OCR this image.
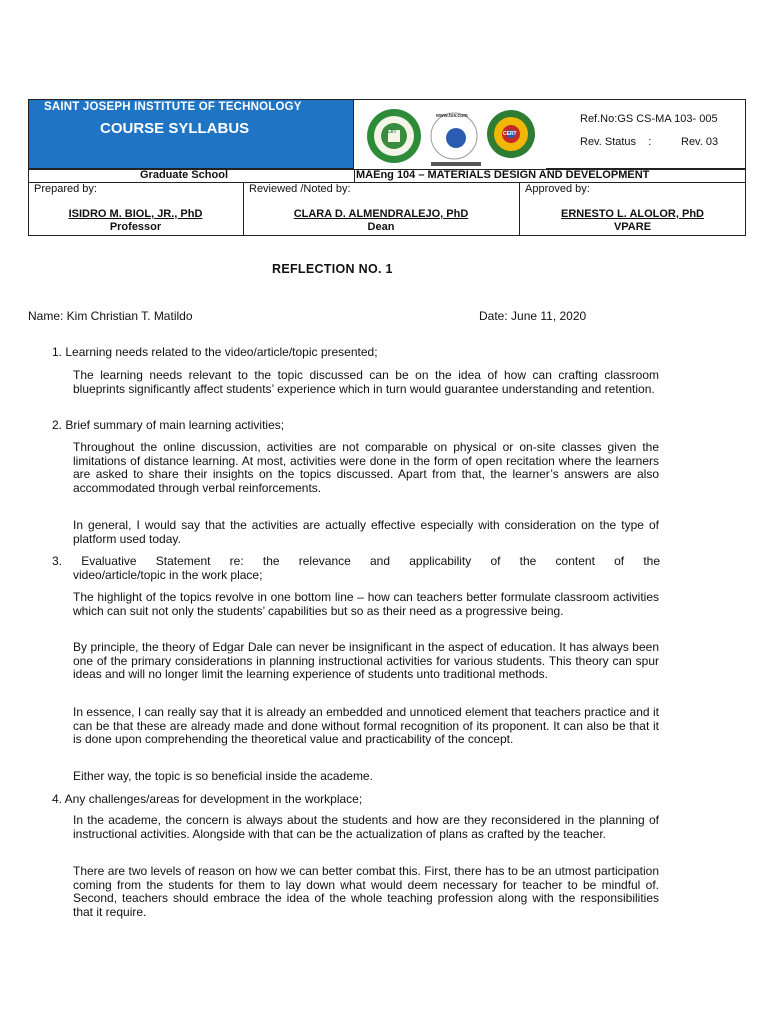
SAINT JOSEPH INSTITUTE OF TECHNOLOGY
COURSE SYLLABUS	SJIT
www.tuv.com
CERT
Ref.No:GS CS-MA 103- 005
Rev. Status    :	Rev. 03
Graduate School	MAEng 104 – MATERIALS DESIGN AND DEVELOPMENT
Prepared by:
ISIDRO M. BIOL, JR., PhD
Professor
Reviewed /Noted by:
CLARA D. ALMENDRALEJO, PhD
Dean
Approved by:
ERNESTO L. ALOLOR, PhD
VPARE
REFLECTION NO. 1
Name: Kim Christian T. Matildo	Date: June 11, 2020
1. Learning needs related to the video/article/topic presented;
The learning needs relevant to the topic discussed can be on the idea of how can crafting classroom blueprints significantly affect students’ experience which in turn would guarantee understanding and retention.
2. Brief summary of main learning activities;
Throughout the online discussion, activities are not comparable on physical or on-site classes given the limitations of distance learning. At most, activities were done in the form of open recitation where the learners are asked to share their insights on the topics discussed. Apart from that, the learner’s answers are also accommodated through verbal reinforcements.
In general, I would say that the activities are actually effective especially with consideration on the type of platform used today.
3. Evaluative Statement re: the relevance and applicability of the content of the
video/article/topic in the work place;
The highlight of the topics revolve in one bottom line – how can teachers better formulate classroom activities which can suit not only the students’ capabilities but so as their need as a progressive being.
By principle, the theory of Edgar Dale can never be insignificant in the aspect of education. It has always been one of the primary considerations in planning instructional activities for various students. This theory can spur ideas and will no longer limit the learning experience of students unto traditional methods.
In essence, I can really say that it is already an embedded and unnoticed element that teachers practice and it can be that these are already made and done without formal recognition of its proponent. It can also be that it is done upon comprehending the theoretical value and practicability of the concept.
Either way, the topic is so beneficial inside the academe.
4. Any challenges/areas for development in the workplace;
In the academe, the concern is always about the students and how are they reconsidered in the planning of instructional activities. Alongside with that can be the actualization of plans as crafted by the teacher.
There are two levels of reason on how we can better combat this. First, there has to be an utmost participation coming from the students for them to lay down what would deem necessary for teacher to be mindful of. Second, teachers should embrace the idea of the whole teaching profession along with the responsibilities that it require.
